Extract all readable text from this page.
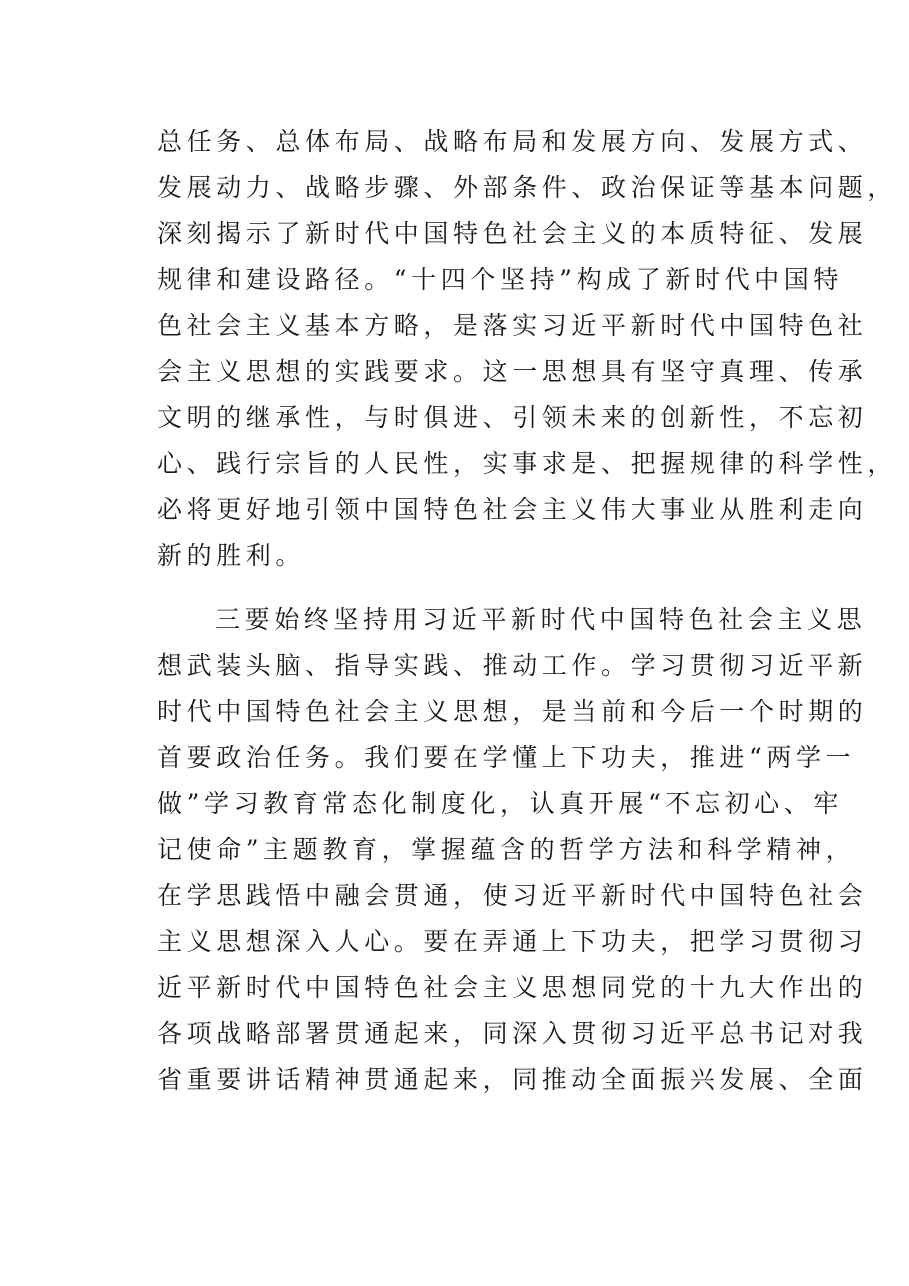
总任务、总体布局、战略布局和发展方向、发展方式、
发展动力、战略步骤、外部条件、政治保证等基本问题，
深刻揭示了新时代中国特色社会主义的本质特征、发展
规律和建设路径。“十四个坚持”构成了新时代中国特
色社会主义基本方略，是落实习近平新时代中国特色社
会主义思想的实践要求。这一思想具有坚守真理、传承
文明的继承性，与时俱进、引领未来的创新性，不忘初
心、践行宗旨的人民性，实事求是、把握规律的科学性，
必将更好地引领中国特色社会主义伟大事业从胜利走向
新的胜利。
三要始终坚持用习近平新时代中国特色社会主义思
想武装头脑、指导实践、推动工作。学习贯彻习近平新
时代中国特色社会主义思想，是当前和今后一个时期的
首要政治任务。我们要在学懂上下功夫，推进“两学一
做”学习教育常态化制度化，认真开展“不忘初心、牢
记使命”主题教育，掌握蕴含的哲学方法和科学精神，
在学思践悟中融会贯通，使习近平新时代中国特色社会
主义思想深入人心。要在弄通上下功夫，把学习贯彻习
近平新时代中国特色社会主义思想同党的十九大作出的
各项战略部署贯通起来，同深入贯彻习近平总书记对我
省重要讲话精神贯通起来，同推动全面振兴发展、全面
